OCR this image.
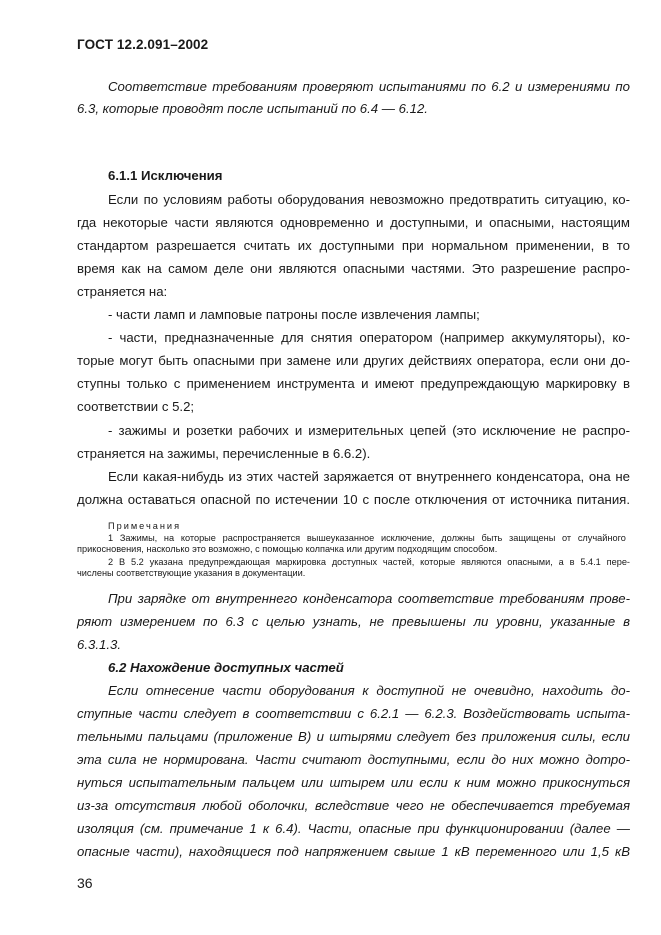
ГОСТ 12.2.091–2002
Соответствие требованиям проверяют испытаниями по 6.2 и измерениями по
6.3, которые проводят после испытаний по 6.4 — 6.12.
6.1.1 Исключения
Если по условиям работы оборудования невозможно предотвратить ситуацию, ко-
гда некоторые части являются одновременно и доступными, и опасными, настоящим
стандартом разрешается считать их доступными при нормальном применении, в то
время как на самом деле они являются опасными частями. Это разрешение распро-
страняется на:
- части ламп и ламповые патроны после извлечения лампы;
- части, предназначенные для снятия оператором (например аккумуляторы), ко-
торые могут быть опасными при замене или других действиях оператора, если они до-
ступны только с применением инструмента и имеют предупреждающую маркировку в
соответствии с 5.2;
- зажимы и розетки рабочих и измерительных цепей (это исключение не распро-
страняется на зажимы, перечисленные в 6.6.2).
Если какая-нибудь из этих частей заряжается от внутреннего конденсатора, она не
должна оставаться опасной по истечении 10 с после отключения от источника питания.
Примечания
1 Зажимы, на которые распространяется вышеуказанное исключение, должны быть защищены от случайного
прикосновения, насколько это возможно, с помощью колпачка или другим подходящим способом.
2 В 5.2 указана предупреждающая маркировка доступных частей, которые являются опасными, а в 5.4.1 пере-
числены соответствующие указания в документации.
При зарядке от внутреннего конденсатора соответствие требованиям прове-
ряют измерением по 6.3 с целью узнать, не превышены ли уровни, указанные в
6.3.1.3.
6.2 Нахождение доступных частей
Если отнесение части оборудования к доступной не очевидно, находить до-
ступные части следует в соответствии с 6.2.1 — 6.2.3. Воздействовать испыта-
тельными пальцами (приложение В) и штырями следует без приложения силы, если
эта сила не нормирована. Части считают доступными, если до них можно дотро-
нуться испытательным пальцем или штырем или если к ним можно прикоснуться
из-за отсутствия любой оболочки, вследствие чего не обеспечивается требуемая
изоляция (см. примечание 1 к 6.4). Части, опасные при функционировании (далее —
опасные части), находящиеся под напряжением свыше 1 кВ переменного или 1,5 кВ
36
